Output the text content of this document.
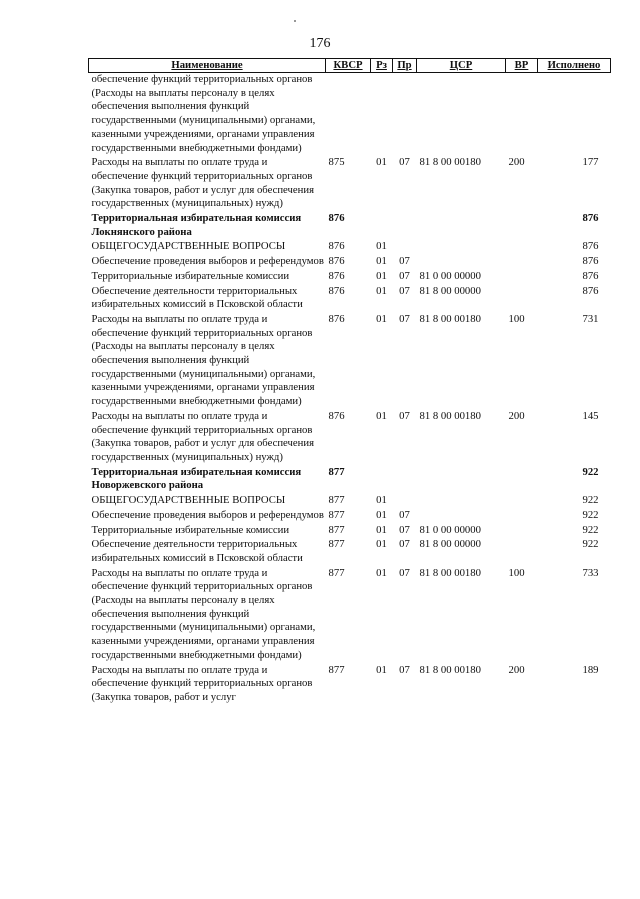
176
Наименование	КВСР	Рз	Пр	ЦСР	ВР	Исполнено
обеспечение функций территориальных органов (Расходы на выплаты персоналу в целях обеспечения выполнения функций государственными (муниципальными) органами, казенными учреждениями, органами управления государственными внебюджетными фондами)						
Расходы на выплаты по оплате труда и обеспечение функций территориальных органов (Закупка товаров, работ и услуг для обеспечения государственных (муниципальных) нужд)	875	01	07	81 8 00 00180	200	177
Территориальная избирательная комиссия Локнянского района	876					876
ОБЩЕГОСУДАРСТВЕННЫЕ ВОПРОСЫ	876	01				876
Обеспечение проведения выборов и референдумов	876	01	07			876
Территориальные избирательные комиссии	876	01	07	81 0 00 00000		876
Обеспечение деятельности территориальных избирательных комиссий в Псковской области	876	01	07	81 8 00 00000		876
Расходы на выплаты по оплате труда и обеспечение функций территориальных органов (Расходы на выплаты персоналу в целях обеспечения выполнения функций государственными (муниципальными) органами, казенными учреждениями, органами управления государственными внебюджетными фондами)	876	01	07	81 8 00 00180	100	731
Расходы на выплаты по оплате труда и обеспечение функций территориальных органов (Закупка товаров, работ и услуг для обеспечения государственных (муниципальных) нужд)	876	01	07	81 8 00 00180	200	145
Территориальная избирательная комиссия Новоржевского района	877					922
ОБЩЕГОСУДАРСТВЕННЫЕ ВОПРОСЫ	877	01				922
Обеспечение проведения выборов и референдумов	877	01	07			922
Территориальные избирательные комиссии	877	01	07	81 0 00 00000		922
Обеспечение деятельности территориальных избирательных комиссий в Псковской области	877	01	07	81 8 00 00000		922
Расходы на выплаты по оплате труда и обеспечение функций территориальных органов (Расходы на выплаты персоналу в целях обеспечения выполнения функций государственными (муниципальными) органами, казенными учреждениями, органами управления государственными внебюджетными фондами)	877	01	07	81 8 00 00180	100	733
Расходы на выплаты по оплате труда и обеспечение функций территориальных органов (Закупка товаров, работ и услуг	877	01	07	81 8 00 00180	200	189
